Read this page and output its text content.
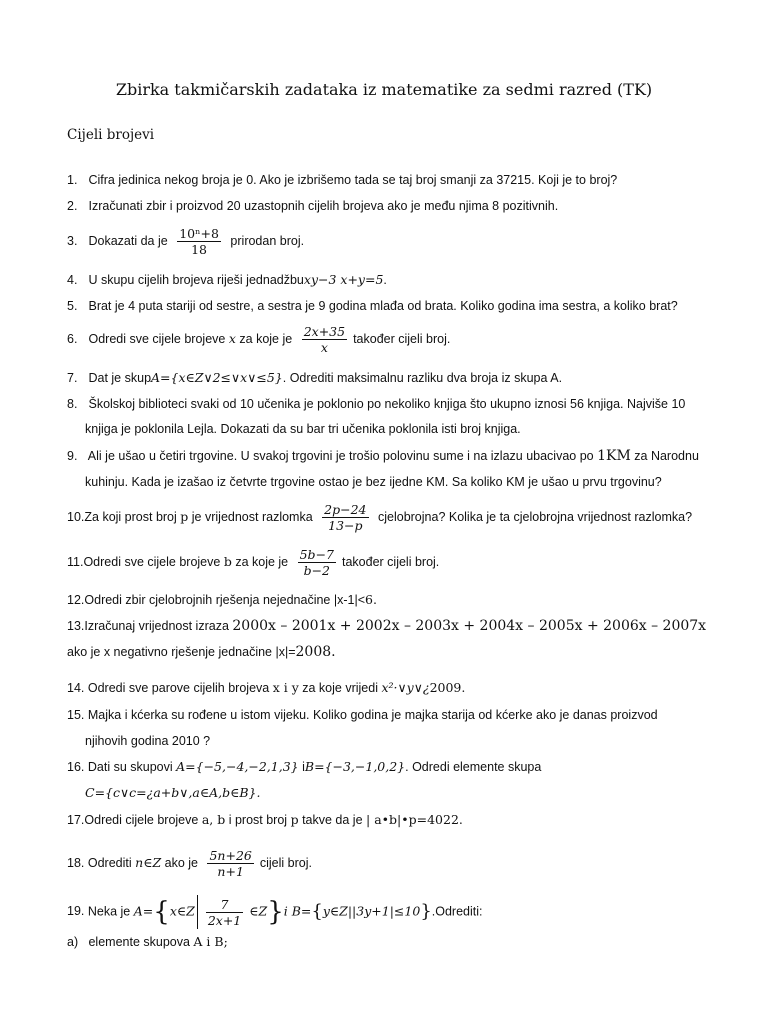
Zbirka takmičarskih zadataka iz matematike za sedmi razred (TK)
Cijeli brojevi
1. Cifra jedinica nekog broja je 0. Ako je izbrišemo tada se taj broj smanji za 37215. Koji je to broj?
2. Izračunati zbir i proizvod 20 uzastopnih cijelih brojeva ako je među njima 8 pozitivnih.
3. Dokazati da je $\frac{\text{10ⁿ+8}}{18}$ prirodan broj.
4. U skupu cijelih brojeva riješi jednadžbuxy−3 x+y=5.
5. Brat je 4 puta stariji od sestre, a sestra je 9 godina mlađa od brata. Koliko godina ima sestra, a koliko brat?
6. Odredi sve cijele brojeve x za koje je $\frac{2x+35}{x}$ također cijeli broj.
7. Dat je skupA={x∈Z∨2≤∨x∨≤5}. Odrediti maksimalnu razliku dva broja iz skupa A.
8. Školskoj biblioteci svaki od 10 učenika je poklonio po nekoliko knjiga što ukupno iznosi 56 knjiga. Najviše 10
knjiga je poklonila Lejla. Dokazati da su bar tri učenika poklonila isti broj knjiga.
9. Ali je ušao u četiri trgovine. U svakoj trgovini je trošio polovinu sume i na izlazu ubacivao po 1KM za Narodnu
kuhinju. Kada je izašao iz četvrte trgovine ostao je bez ijedne KM. Sa koliko KM je ušao u prvu trgovinu?
10.Za koji prost broj p je vrijednost razlomka $\frac{2p-24}{13-p}$ cjelobrojna? Kolika je ta cjelobrojna vrijednost razlomka?
11.Odredi sve cijele brojeve b za koje je $\frac{5b-7}{b-2}$ također cijeli broj.
12.Odredi zbir cjelobrojnih rješenja nejednačine |x-1|<6.
13.Izračunaj vrijednost izraza 2000x – 2001x + 2002x – 2003x + 2004x – 2005x + 2006x – 2007x
ako je x negativno rješenje jednačine |x|=2008.
14. Odredi sve parove cijelih brojeva x i y za koje vrijedi x²·∨y∨¿2009.
15. Majka i kćerka su rođene u istom vijeku. Koliko godina je majka starija od kćerke ako je danas proizvod
njihovih godina 2010 ?
16. Dati su skupovi A={−5,−4,−2,1,3} iB={−3,−1,0,2}. Odredi elemente skupa
C={c∨c=¿a+b∨,a∈A,b∈B}.
17.Odredi cijele brojeve a, b i prost broj p takve da je | a•b|•p=4022.
18. Odrediti n∈Z ako je $\frac{5n+26}{n+1}$ cijeli broj.
19. Neka je A={x∈Z $\frac{7}{2x+1}$ ∈Z}i B={y∈Z||3y+1|≤10}.Odrediti:
a) elemente skupova A i B;
